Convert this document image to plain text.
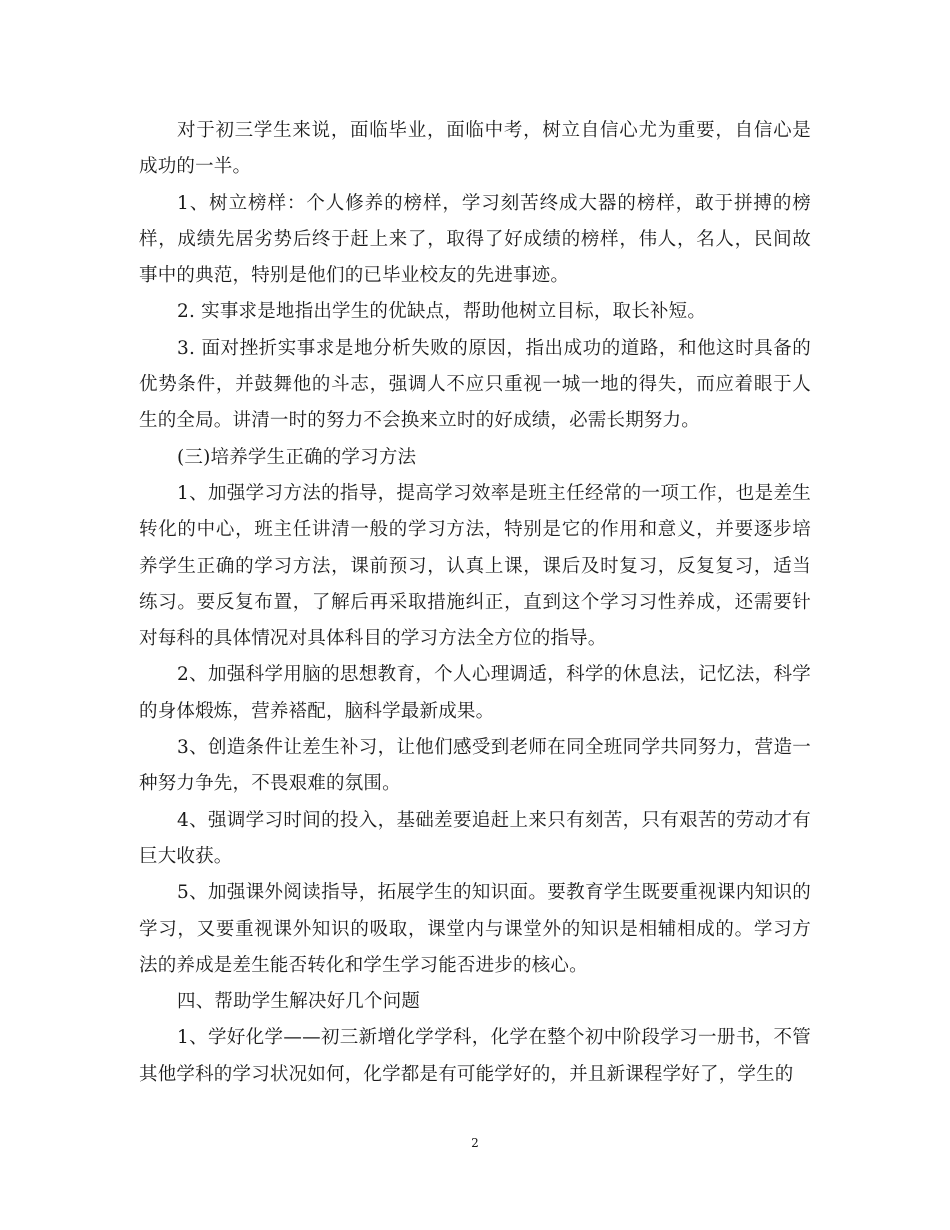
对于初三学生来说，面临毕业，面临中考，树立自信心尤为重要，自信心是成功的一半。

1、树立榜样：个人修养的榜样，学习刻苦终成大器的榜样，敢于拼搏的榜样，成绩先居劣势后终于赶上来了，取得了好成绩的榜样，伟人，名人，民间故事中的典范，特别是他们的已毕业校友的先进事迹。

2. 实事求是地指出学生的优缺点，帮助他树立目标，取长补短。

3. 面对挫折实事求是地分析失败的原因，指出成功的道路，和他这时具备的优势条件，并鼓舞他的斗志，强调人不应只重视一城一地的得失，而应着眼于人生的全局。讲清一时的努力不会换来立时的好成绩，必需长期努力。

(三)培养学生正确的学习方法

1、加强学习方法的指导，提高学习效率是班主任经常的一项工作，也是差生转化的中心，班主任讲清一般的学习方法，特别是它的作用和意义，并要逐步培养学生正确的学习方法，课前预习，认真上课，课后及时复习，反复复习，适当练习。要反复布置，了解后再采取措施纠正，直到这个学习习性养成，还需要针对每科的具体情况对具体科目的学习方法全方位的指导。

2、加强科学用脑的思想教育，个人心理调适，科学的休息法，记忆法，科学的身体煅炼，营养褡配，脑科学最新成果。

3、创造条件让差生补习，让他们感受到老师在同全班同学共同努力，营造一种努力争先，不畏艰难的氛围。

4、强调学习时间的投入，基础差要追赶上来只有刻苦，只有艰苦的劳动才有巨大收获。

5、加强课外阅读指导，拓展学生的知识面。要教育学生既要重视课内知识的学习，又要重视课外知识的吸取，课堂内与课堂外的知识是相辅相成的。学习方法的养成是差生能否转化和学生学习能否进步的核心。

四、帮助学生解决好几个问题

1、学好化学——初三新增化学学科，化学在整个初中阶段学习一册书，不管其他学科的学习状况如何，化学都是有可能学好的，并且新课程学好了，学生的

2
